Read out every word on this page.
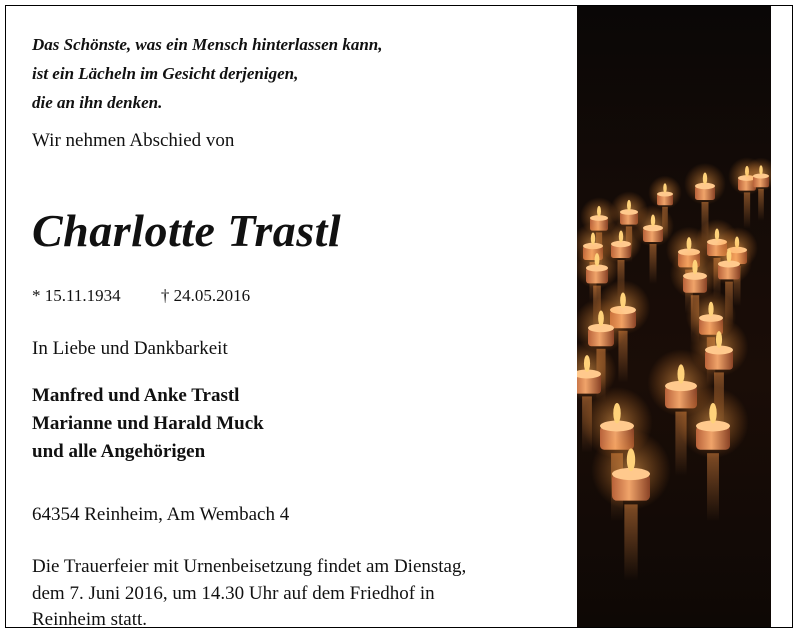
Das Schönste, was ein Mensch hinterlassen kann,
ist ein Lächeln im Gesicht derjenigen,
die an ihn denken.

Wir nehmen Abschied von

Charlotte Trastl
* 15.11.1934 † 24.05.2016

In Liebe und Dankbarkeit

Manfred und Anke Trastl
Marianne und Harald Muck
und alle Angehörigen

64354 Reinheim, Am Wembach 4

Die Trauerfeier mit Urnenbeisetzung findet am Dienstag,
dem 7. Juni 2016, um 14.30 Uhr auf dem Friedhof in
Reinheim statt.
